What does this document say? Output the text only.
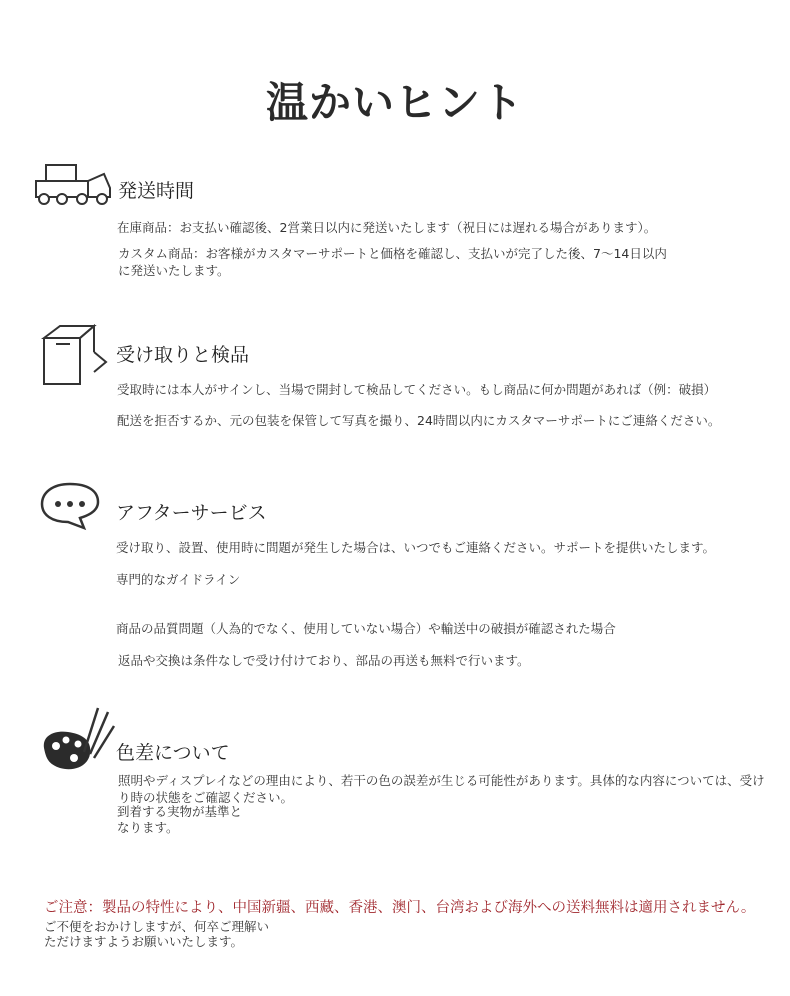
温かいヒント
発送時間
在庫商品：お支払い確認後、2営業日以内に発送いたします（祝日には遅れる場合があります）。
カスタム商品：お客様がカスタマーサポートと価格を確認し、支払いが完了した後、7〜14日以内
に発送いたします。
受け取りと検品
受取時には本人がサインし、当場で開封して検品してください。もし商品に何か問題があれば（例：破損）
配送を拒否するか、元の包装を保管して写真を撮り、24時間以内にカスタマーサポートにご連絡ください。
アフターサービス
受け取り、設置、使用時に問題が発生した場合は、いつでもご連絡ください。サポートを提供いたします。
専門的なガイドライン
商品の品質問題（人為的でなく、使用していない場合）や輸送中の破損が確認された場合
返品や交換は条件なしで受け付けており、部品の再送も無料で行います。
色差について
照明やディスプレイなどの理由により、若干の色の誤差が生じる可能性があります。具体的な内容については、受け
り時の状態をご確認ください。
到着する実物が基準と
なります。
ご注意：製品の特性により、中国新疆、西藏、香港、澳门、台湾および海外への送料無料は適用されません。
ご不便をおかけしますが、何卒ご理解い
ただけますようお願いいたします。
